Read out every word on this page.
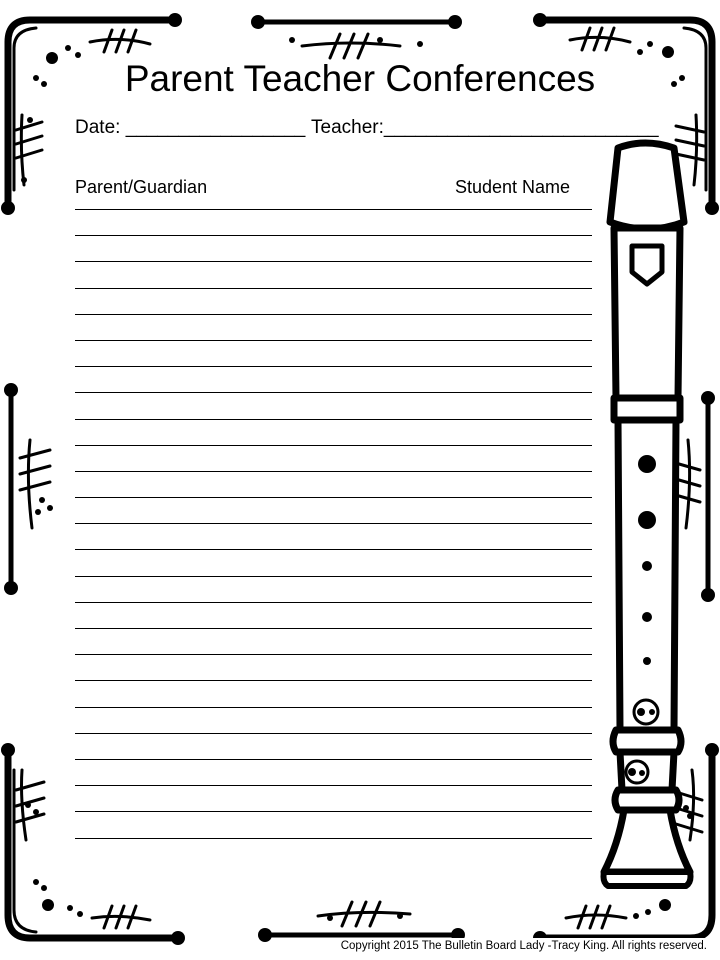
Parent Teacher Conferences
Date: _________________ Teacher:__________________________
Parent/Guardian	Student Name
Copyright 2015 The Bulletin Board Lady -Tracy King. All rights reserved.
